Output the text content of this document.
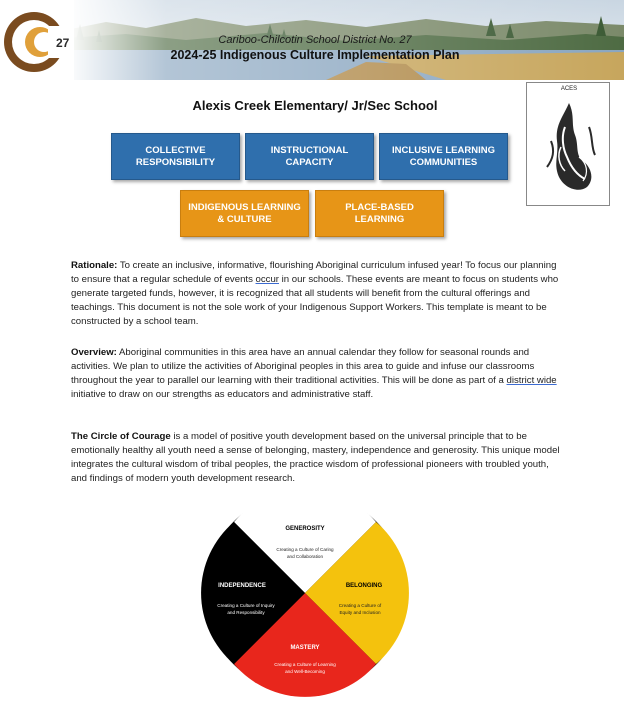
27	Cariboo-Chilcotin School District No. 27
2024-25 Indigenous Culture Implementation Plan
Alexis Creek Elementary/ Jr/Sec School
ACES
COLLECTIVE
RESPONSIBILITY
INSTRUCTIONAL
CAPACITY
INCLUSIVE LEARNING
COMMUNITIES
INDIGENOUS LEARNING
& CULTURE
PLACE-BASED
LEARNING

Rationale: To create an inclusive, informative, flourishing Aboriginal curriculum infused year! To focus our planning to ensure that a regular schedule of events occur in our schools. These events are meant to focus on students who generate targeted funds, however, it is recognized that all students will benefit from the cultural offerings and teachings. This document is not the sole work of your Indigenous Support Workers. This template is meant to be constructed by a school team.

Overview: Aboriginal communities in this area have an annual calendar they follow for seasonal rounds and activities. We plan to utilize the activities of Aboriginal peoples in this area to guide and infuse our classrooms throughout the year to parallel our learning with their traditional activities. This will be done as part of a district wide initiative to draw on our strengths as educators and administrative staff.

The Circle of Courage is a model of positive youth development based on the universal principle that to be emotionally healthy all youth need a sense of belonging, mastery, independence and generosity. This unique model integrates the cultural wisdom of tribal peoples, the practice wisdom of professional pioneers with troubled youth, and findings of modern youth development research.

GENEROSITY
Creating a Culture of Caring
and Collaboration
BELONGING
Creating a Culture of
Equity and Inclusion
MASTERY
Creating a Culture of Learning
and Well-Becoming
INDEPENDENCE
Creating a Culture of Inquiry
and Responsibility
